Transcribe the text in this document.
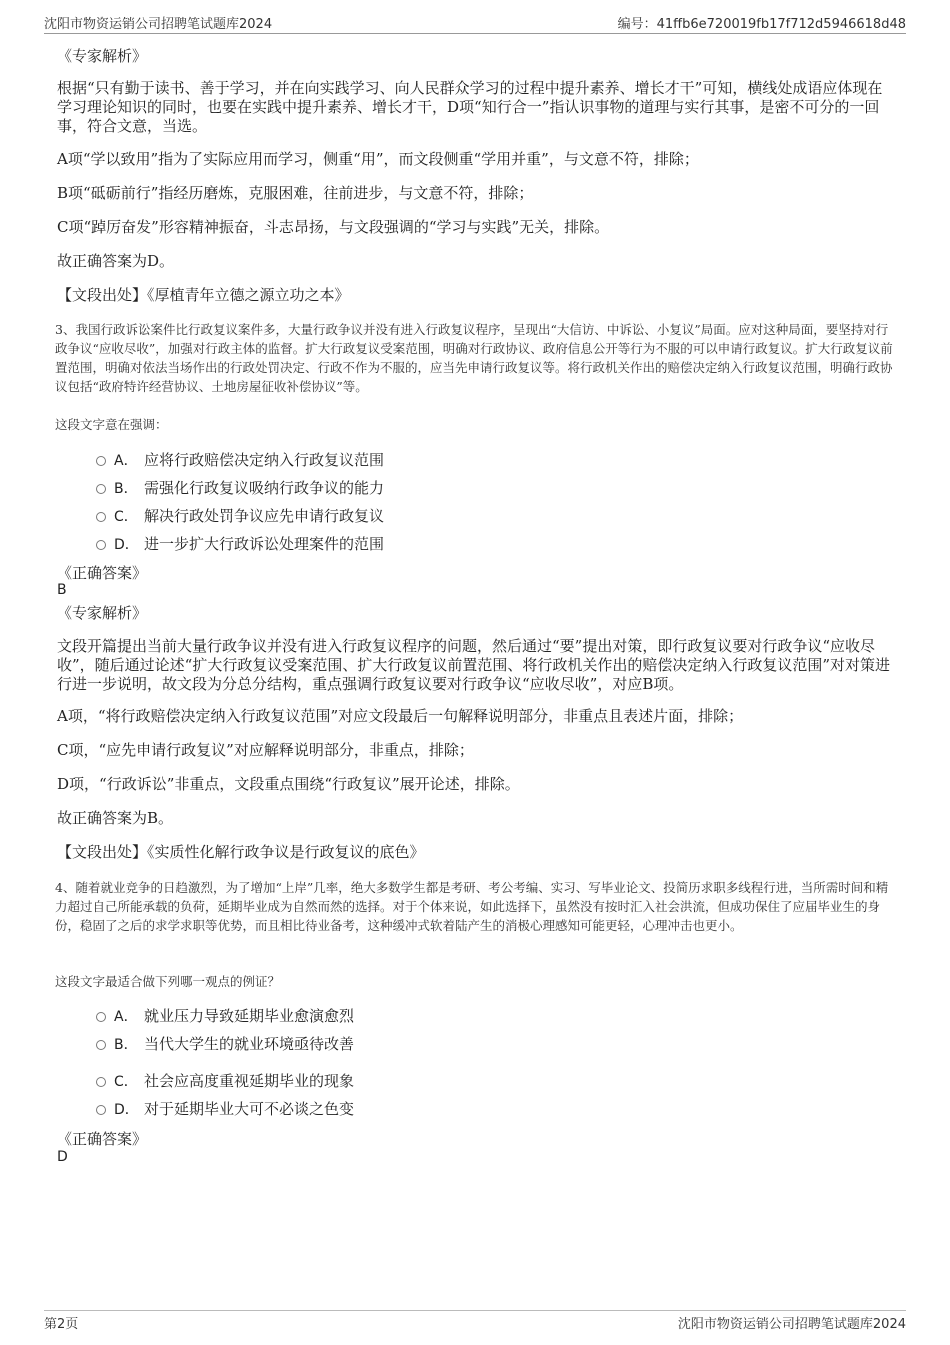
沈阳市物资运销公司招聘笔试题库2024	编号：41ffb6e720019fb17f712d5946618d48
《专家解析》
根据“只有勤于读书、善于学习，并在向实践学习、向人民群众学习的过程中提升素养、增长才干”可知，横线处成语应体现在学习理论知识的同时，也要在实践中提升素养、增长才干，D项“知行合一”指认识事物的道理与实行其事，是密不可分的一回事，符合文意，当选。
A项“学以致用”指为了实际应用而学习，侧重“用”，而文段侧重“学用并重”，与文意不符，排除；
B项“砥砺前行”指经历磨炼，克服困难，往前进步，与文意不符，排除；
C项“踔厉奋发”形容精神振奋，斗志昂扬，与文段强调的“学习与实践”无关，排除。
故正确答案为D。
【文段出处】《厚植青年立德之源立功之本》
3、我国行政诉讼案件比行政复议案件多，大量行政争议并没有进入行政复议程序，呈现出“大信访、中诉讼、小复议”局面。应对这种局面，要坚持对行政争议“应收尽收”，加强对行政主体的监督。扩大行政复议受案范围，明确对行政协议、政府信息公开等行为不服的可以申请行政复议。扩大行政复议前置范围，明确对依法当场作出的行政处罚决定、行政不作为不服的，应当先申请行政复议等。将行政机关作出的赔偿决定纳入行政复议范围，明确行政协议包括“政府特许经营协议、土地房屋征收补偿协议”等。
这段文字意在强调：
A． 应将行政赔偿决定纳入行政复议范围
B． 需强化行政复议吸纳行政争议的能力
C． 解决行政处罚争议应先申请行政复议
D． 进一步扩大行政诉讼处理案件的范围
《正确答案》
B
《专家解析》
文段开篇提出当前大量行政争议并没有进入行政复议程序的问题，然后通过“要”提出对策，即行政复议要对行政争议“应收尽收”，随后通过论述“扩大行政复议受案范围、扩大行政复议前置范围、将行政机关作出的赔偿决定纳入行政复议范围”对对策进行进一步说明，故文段为分总分结构，重点强调行政复议要对行政争议“应收尽收”，对应B项。
A项，“将行政赔偿决定纳入行政复议范围”对应文段最后一句解释说明部分，非重点且表述片面，排除；
C项，“应先申请行政复议”对应解释说明部分，非重点，排除；
D项，“行政诉讼”非重点，文段重点围绕“行政复议”展开论述，排除。
故正确答案为B。
【文段出处】《实质性化解行政争议是行政复议的底色》
4、随着就业竞争的日趋激烈，为了增加“上岸”几率，绝大多数学生都是考研、考公考编、实习、写毕业论文、投简历求职多线程行进，当所需时间和精力超过自己所能承载的负荷，延期毕业成为自然而然的选择。对于个体来说，如此选择下，虽然没有按时汇入社会洪流，但成功保住了应届毕业生的身份，稳固了之后的求学求职等优势，而且相比待业备考，这种缓冲式软着陆产生的消极心理感知可能更轻，心理冲击也更小。
这段文字最适合做下列哪一观点的例证？
A． 就业压力导致延期毕业愈演愈烈
B． 当代大学生的就业环境亟待改善
C． 社会应高度重视延期毕业的现象
D． 对于延期毕业大可不必谈之色变
《正确答案》
D
第2页	沈阳市物资运销公司招聘笔试题库2024
